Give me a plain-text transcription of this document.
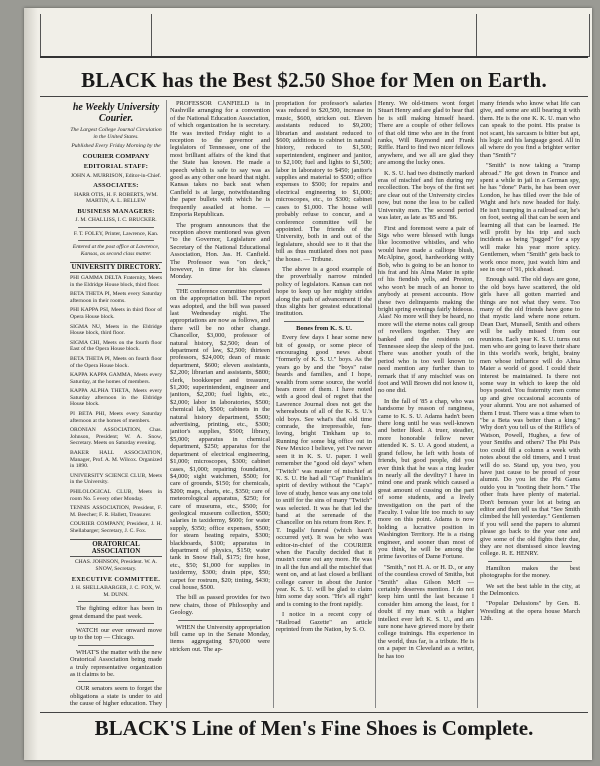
BLACK has the Best $2.50 Shoe for Men on Earth.
he Weekly University Courier.
The Largest College Journal Circulation in the United States.
Published Every Friday Morning by the
COURIER COMPANY
EDITORIAL STAFF:
JOHN A. MURRISON, Editor-in-Chief.
ASSOCIATES:
HARR OTIS, H. F. ROBERTS, WM. MARTIN, A. L. BELLEW
BUSINESS MANAGERS:
J. M. CHALLISS, I. C. BRUCKER.
F. T. FOLEY, Printer, Lawrence, Kan.
Entered at the post office at Lawrence, Kansas, as second class matter.
UNIVERSITY DIRECTORY.

PHI GAMMA DELTA Fraternity, Meets in the Eldridge House block, third floor.

BETA THETA PI, Meets every Saturday afternoon in their rooms.

PHI KAPPA PSI, Meets in third floor of Opera House block.

SIGMA NU, Meets in the Eldridge House block, third floor.

SIGMA CHI, Meets on the fourth floor East of the Opera House block.

BETA THETA PI, Meets on fourth floor of the Opera House block.

KAPPA KAPPA GAMMA, Meets every Saturday, at the homes of members.

KAPPA ALPHA THETA, Meets every Saturday afternoon in the Eldridge House block.

PI BETA PHI, Meets every Saturday afternoon at the homes of members.

ORONIAN ASSOCIATION, Chas. Johnson, President; W. A. Snow, Secretary. Meets on Saturday evening.

BAKER HALL ASSOCIATION, Manager, Prof. A. M. Wilcox. Organized in 1890.

UNIVERSITY SCIENCE CLUB, Meets in the University.

PHILOLOGICAL CLUB, Meets in room No. 5 every other Monday.

TENNIS ASSOCIATION, President, F. M. Beecher; F. R. Hallett, Treasurer.

COURIER COMPANY, President, J. H. Shellabarger; Secretary, J. C. Fox.

ORATORICAL ASSOCIATION
CHAS. JOHNSON, President. W. A. SNOW, Secretary.
EXECUTIVE COMMITTEE.
J. H. SHELLABARGER, J. C. FOX, W. M. DUNN.

The fighting editor has been in great demand the past week.

WATCH our ever onward move up to the top — Chicago.

WHAT'S the matter with the new Oratorical Association being made a truly representative organization as it claims to be.

OUR senators seem to forget the obligations a state is under to aid the cause of higher education. They

PROFESSOR CANFIELD is in Nashville arranging for a convention of the National Education Association, of which organization he is secretary. He was invited Friday night to a reception to the governor and legislators of Tennessee, one of the most brilliant affairs of the kind that the State has known. He made a speech which is safe to say was as good as any other one heard that night. Kansas takes no back seat when Canfield is at large, notwithstanding the paper bullets with which he is frequently assailed at home. — Emporia Republican.

The program announces that the reception above mentioned was given "to the Governor, Legislature and Secretary of the National Educational Association, Hon. Jas. H. Canfield. The Professor was "on deck," however, in time for his classes Monday.

THE conference committee reported on the appropriation bill. The report was adopted, and the bill was passed last Wednesday night. The appropriations are now as follows, and there will be no other change. Chancellor, $3,000, professor of natural history, $2,500; dean of department of law, $2,500; thirteen professors, $24,000; dean of music department, $600; eleven assistants, $2,200; librarian and assistants, $800; clerk, bookkeeper and treasurer, $1,200; superintendent, engineer and janitors, $2,200; fuel lights, etc., $2,000; labor in laboratories, $500; chemical lab, $500; cabinets in the natural history department, $500; advertising, printing, etc., $300; janitor's supplies, $500; library, $5,000; apparatus in chemical department, $250; apparatus for the department of electrical engineering, $1,000; microscopes, $300; cabinet cases, $1,000; repairing foundation, $4,000; sight watchmen, $500; for care of grounds, $150; for chemicals, $200; maps, charts, etc., $350; care of meteorological apparatus, $250; for care of museums, etc., $500; for geological museum collection, $500; salaries in taxidermy, $600; for water supply, $350; office expenses, $500; for steam heating repairs, $300; blackboards, $100; apparatus in department of physics, $150; water tank in Snow Hall, $175; fire hose, etc., $50; $1,000 for supplies in taxidermy, $300; drain pipe, $50; carpet for rostrum, $20; tinting, $430; coal house, $500.

The bill as passed provides for two new chairs, those of Philosophy and Geology.

WHEN the University appropriation bill came up in the Senate Monday, items aggregating $70,000 were stricken out. The ap-

propriation for professor's salaries was reduced to $20,500, increase in music, $600, stricken out. Eleven assistants reduced to $9,200; librarian and assistant reduced to $600; additions to cabinet in natural history, reduced to $1,500; superintendent, engineer and janitor, to $2,100; fuel and lights to $1,500; labor in laboratory to $450; janitor's supplies and material to $500; office expenses to $500; for repairs and electrical engineering to $1,000; microscopes, etc., to $300; cabinet cases to $1,000. The house will probably refuse to concur, and a conference committee will be appointed. The friends of the University, both in and out of the legislature, should see to it that the bill as thus mutilated does not pass the house. — Tribune.

The above is a good example of the proverbially narrow minded policy of legislators. Kansas can not hope to keep up her mighty strides along the path of advancement if she thus slights her greatest educational institution.

Bones from K. S. U.

Every few days I hear some new bit of gossip, or some piece of encouraging good news about "formerly of K. S. U." boys. As the years go by and the "boys" raise beards and families, and I hope, wealth from some source, the world hears more of them. I have noted with a good deal of regret that the Lawrence Journal does not get the whereabouts of all of the K. S. U.'s old boys. See what's that old time comrade, the irrepressible, fun-loving, bright Tinkham up to. Running for some big office out in New Mexico I believe, yet I've never seen it in K. S. U. paper. I well remember the "good old days" when "Twitch" was master of mischief at K. S. U. He had all "Cap" Franklin's spirit of devilry without the "Cap's" love of study, hence was any one told to sniff for the sins of many "Twitch" was selected. It was he that led the band at the serenade of the Chancellor on his return from Rev. F. T. Ingalls' funeral (which hasn't occurred yet). It was he who was editor-in-chief of the COURIER when the Faculty decided that it mustn't come out any more. He was in all the fun and all the mischief that went on, and at last closed a brilliant college career in about the Junior year. K. S. U. will be glad to claim him some day soon. "He's all right" and is coming to the front rapidly.

I notice in a recent copy of "Railroad Gazette" an article reprinted from the Nation, by S. O.

Henry. We old-timers wont forget Stuart Henry and are glad to hear that he is still making himself heard. There are a couple of other fellows of that old time who are in the front ranks, Will Raymond and Frank Riffle. Hard to find two nicer fellows anywhere, and we all are glad they are among the lucky ones.

K. S. U. had two distinctly marked eras of mischief and fun during my recollection. The boys of the first set are clear out of the University circles now, but none the less to be called University men. The second period was later, as late as '85 and '86.

First and foremost were a pair of Sigs who were blessed with lungs like locomotive whistles, and who would have made a calliope blush, McAlpine, good, hardworking witty Bob, who is going to be an honor to his frat and his Alma Mater in spite of his fiendish yells, and Preston, who won't be much of an honor to anybody at present accounts. How these two delinquents making the bright spring evenings fairly hideous. Alas! No more will they be heard, no more will the eterne notes call group of revellers together. They are banked and the residents on Tennessee sleep the sleep of the just. There was another youth of the period who is too well known to need mention any further than to remark that if any mischief was on foot and Will Brown did not know it, no one did.

In the fall of '85 a chap, who was handsome by reason of ranginess, came to K. S. U. Adams hadn't been there long until he was well-known and better liked. A truer, steadier, more honorable fellow never attended K. S. U. A good student, a grand fellow, he left with hosts of friends, but good people, did you ever think that he was a ring leader in nearly all the deviltry? I have in mind one and prank which caused a great amount of cussing on the part of some students, and a lively investigation on the part of the Faculty. I value life too much to say more on this point. Adams is now holding a lucrative position in Washington Territory. He is a rising engineer, and sooner than most of you think, he will be among the prime favorites of Dame Fortune.

"Smith," not H. A. or H. D., or any of the countless crowd of Smiths, but "Smith" alias Gilson McH — certainly deserves mention. I do not keep him until the last because I consider him among the least, for I doubt if my man with a higher intellect ever left K. S. U., and am sure none have grieved more by their college trainings. His experience in the world, thus far, is a tribute. He is on a paper in Cleveland as a writer, he has too

many friends who know what life can give, and some are still bearing it with them. He is the one K. K. U. man who can speak to the point. His praise is not scant, his sarcasm is bitter but apt, his logic and his language good. All in all where do you find a brighter writer than "Smith"?

"Smith" is now taking a "tramp abroad." He got down in France and spent a while in jail in a German spy, he has "done" Paris, he has been over London, he has tilled over the Isle of Wight and he's now headed for Italy. He isn't tramping in a railroad car, he's on foot, seeing all that can be seen and learning all that can be learned. He will profit by his trip and such incidents as being "jugged" for a spy will make his year more spicy. Gentlemen, when "Smith" gets back to work once more, just watch him and see in one of '91, pick ahead.

Enough said. The old days are gone, the old boys have scattered, the old girls have all gotten married and things are not what they were. Too many of the old friends have gone to that mystic land where none return. Dean Dart, Munsell, Smith and others will be sadly missed from our reunions. Each year K. S. U. turns out men who are going to leave their share in this world's work, bright, brainy men whose influence will do Alma Mater a world of good. I could their interest be maintained. Is there not some way in which to keep the old boys posted. You fraternity men come up and give occasional accounts of your alumni. You are not ashamed of them I trust. There was a time when to "be a Beta was better than a king." Why don't you tell us of the Riffle's of Watson, Powell, Hughes, a few of your Smiths and others? The Phi Psis too could fill a column a week with notes about the old timers, and I trust will do so. Stand up, you two, you have just cause to be proud of your alumni. Do you let the Phi Gams outdo you in "tooting their horn." The other frats have plenty of material. Don't bemoan your lot at being an editor and then tell us that "See Smith climbed the hill yesterday." Gentlemen if you will send the papers to alumni please go back to the year one and give some of the old fights their due, they are not dismissed since leaving college. R. E. HENRY.

Hamilton makes the best photographs for the money.

We set the best table in the city, at the Delmonico.

"Popular Delusions" by Gen. B. Wrestling at the opera house March 12th.

BLACK'S Line of Men's Fine Shoes is Complete.
